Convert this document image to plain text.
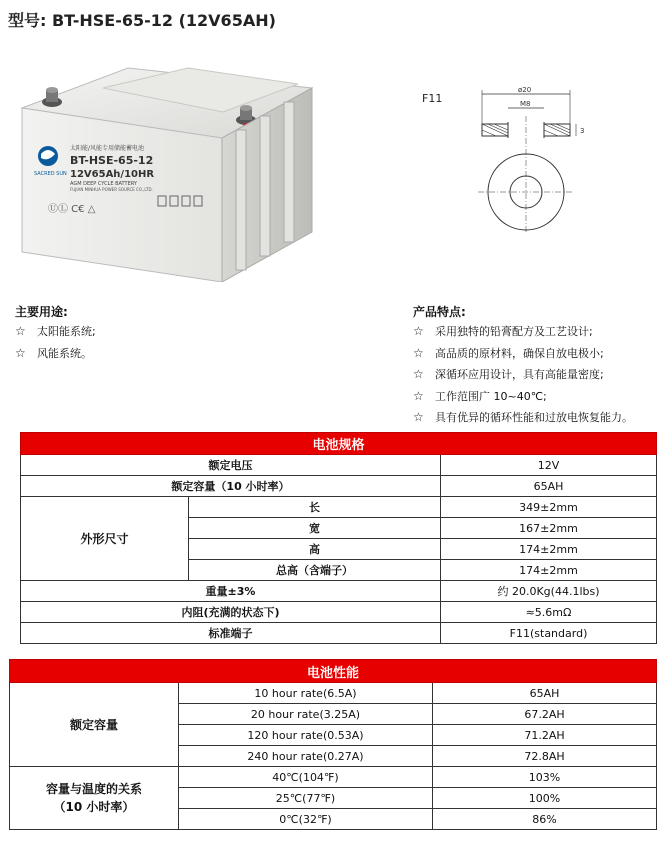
型号: BT-HSE-65-12 (12V65AH)
SACRED SUN
太阳能/风能专用储能蓄电池
BT-HSE-65-12
12V65Ah/10HR
AGM DEEP CYCLE BATTERY
FUJIAN MINHUA POWER SOURCE CO.,LTD.
ⓊⓁ C€ △
F11
ø20
M8
3
主要用途:
☆ 太阳能系统;
☆ 风能系统。
产品特点:
☆ 采用独特的铅膏配方及工艺设计;
☆ 高品质的原材料，确保自放电极小;
☆ 深循环应用设计，具有高能量密度;
☆ 工作范围广 10~40℃;
☆ 具有优异的循环性能和过放电恢复能力。
电池规格		
额定电压		12V
额定容量（10 小时率）		65AH
外形尺寸	长	349±2mm
	宽	167±2mm
	高	174±2mm
	总高（含端子）	174±2mm
重量±3%		约 20.0Kg(44.1lbs)
内阻(充满的状态下)		≈5.6mΩ
标准端子		F11(standard)
电池性能		
额定容量	10 hour rate(6.5A)	65AH
	20 hour rate(3.25A)	67.2AH
	120 hour rate(0.53A)	71.2AH
	240 hour rate(0.27A)	72.8AH

容量与温度的关系
（10 小时率）	40℃(104℉)	103%
	25℃(77℉)	100%
	0℃(32℉)	86%
